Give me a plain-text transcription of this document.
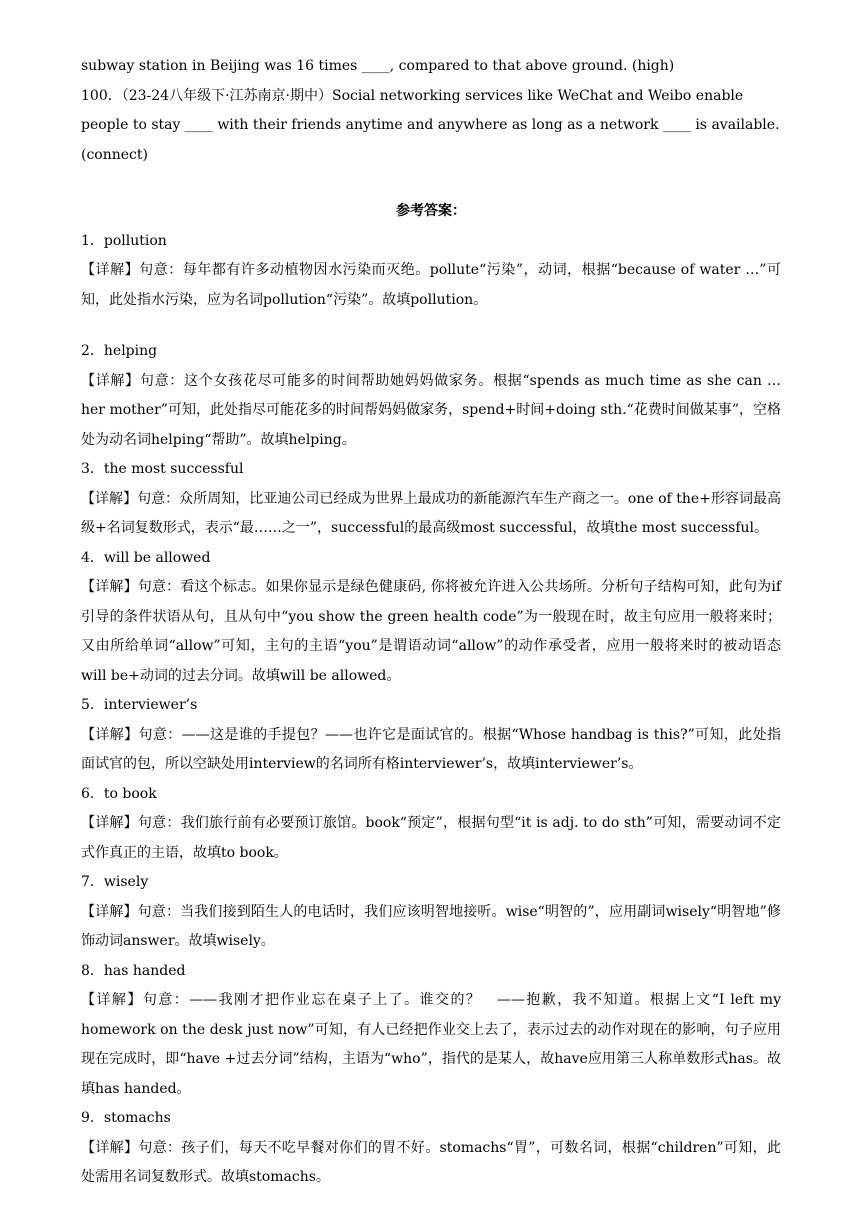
subway station in Beijing was 16 times ____, compared to that above ground. (high)

100．（23-24八年级下·江苏南京·期中）Social networking services like WeChat and Weibo enable people to stay ____ with their friends anytime and anywhere as long as a network ____ is available. (connect)

参考答案：

1．pollution

【详解】句意：每年都有许多动植物因水污染而灭绝。pollute“污染”，动词，根据“because of water …”可知，此处指水污染，应为名词pollution“污染”。故填pollution。

2．helping

【详解】句意：这个女孩花尽可能多的时间帮助她妈妈做家务。根据“spends as much time as she can … her mother”可知，此处指尽可能花多的时间帮妈妈做家务，spend+时间+doing sth.“花费时间做某事”，空格处为动名词helping“帮助”。故填helping。

3．the most successful

【详解】句意：众所周知，比亚迪公司已经成为世界上最成功的新能源汽车生产商之一。one of the+形容词最高级+名词复数形式，表示“最……之一”，successful的最高级most successful，故填the most successful。

4．will be allowed

【详解】句意：看这个标志。如果你显示是绿色健康码, 你将被允许进入公共场所。分析句子结构可知，此句为if引导的条件状语从句，且从句中“you show the green health code”为一般现在时，故主句应用一般将来时；又由所给单词“allow”可知，主句的主语“you”是谓语动词“allow”的动作承受者，应用一般将来时的被动语态will be+动词的过去分词。故填will be allowed。

5．interviewer’s

【详解】句意：——这是谁的手提包？——也许它是面试官的。根据“Whose handbag is this?”可知，此处指面试官的包，所以空缺处用interview的名词所有格interviewer’s，故填interviewer’s。

6．to book

【详解】句意：我们旅行前有必要预订旅馆。book“预定”，根据句型“it is adj. to do sth”可知，需要动词不定式作真正的主语，故填to book。

7．wisely

【详解】句意：当我们接到陌生人的电话时，我们应该明智地接听。wise“明智的”，应用副词wisely“明智地”修饰动词answer。故填wisely。

8．has handed

【详解】句意：——我刚才把作业忘在桌子上了。谁交的？　——抱歉，我不知道。根据上文“I left my homework on the desk just now”可知，有人已经把作业交上去了，表示过去的动作对现在的影响，句子应用现在完成时，即“have +过去分词”结构，主语为“who”，指代的是某人，故have应用第三人称单数形式has。故填has handed。

9．stomachs

【详解】句意：孩子们，每天不吃早餐对你们的胃不好。stomachs“胃”，可数名词，根据“children”可知，此处需用名词复数形式。故填stomachs。
